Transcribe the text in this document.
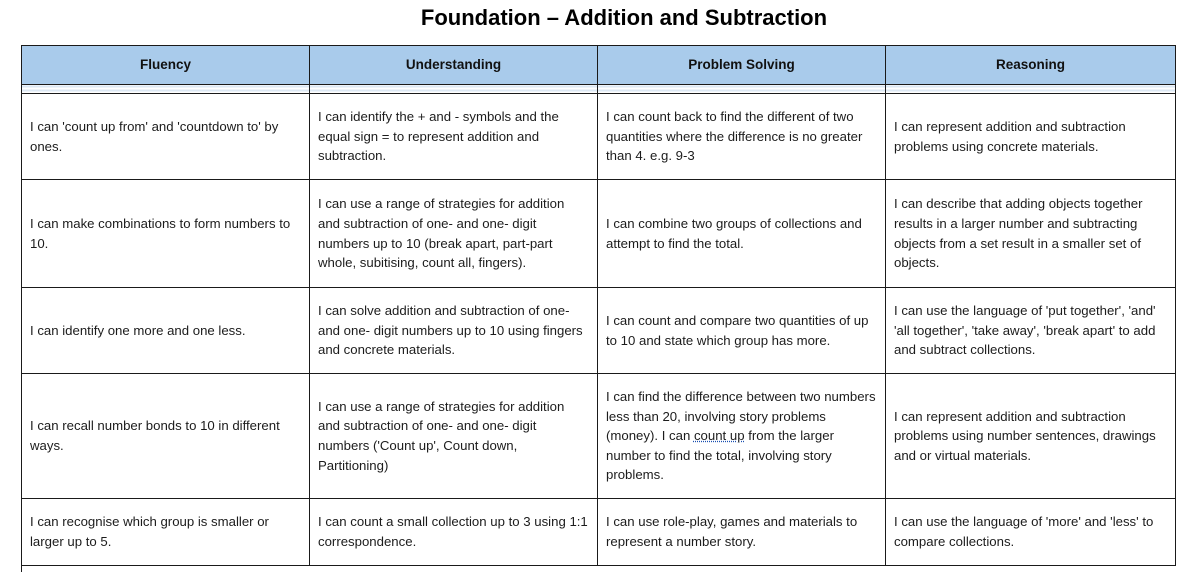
Foundation – Addition and Subtraction
Fluency	Understanding	Problem Solving	Reasoning

I can 'count up from' and 'countdown to' by ones.	I can identify the + and - symbols and the equal sign = to represent addition and subtraction.	I can count back to find the different of two quantities where the difference is no greater than 4. e.g. 9-3	I can represent addition and subtraction problems using concrete materials.
I can make combinations to form numbers to 10.	I can use a range of strategies for addition and subtraction of one- and one- digit numbers up to 10 (break apart, part-part whole, subitising, count all, fingers).	I can combine two groups of collections and attempt to find the total.	I can describe that adding objects together results in a larger number and subtracting objects from a set result in a smaller set of objects.
I can identify one more and one less.	I can solve addition and subtraction of one- and one- digit numbers up to 10 using fingers and concrete materials.	I can count and compare two quantities of up to 10 and state which group has more.	I can use the language of 'put together', 'and' 'all together', 'take away', 'break apart' to add and subtract collections.
I can recall number bonds to 10 in different ways.	I can use a range of strategies for addition and subtraction of one- and one- digit numbers ('Count up', Count down, Partitioning)	I can find the difference between two numbers less than 20, involving story problems (money). I can count up from the larger number to find the total, involving story problems.	I can represent addition and subtraction problems using number sentences, drawings and or virtual materials.
I can recognise which group is smaller or larger up to 5.	I can count a small collection up to 3 using 1:1 correspondence.	I can use role-play, games and materials to represent a number story.	I can use the language of 'more' and 'less' to compare collections.
